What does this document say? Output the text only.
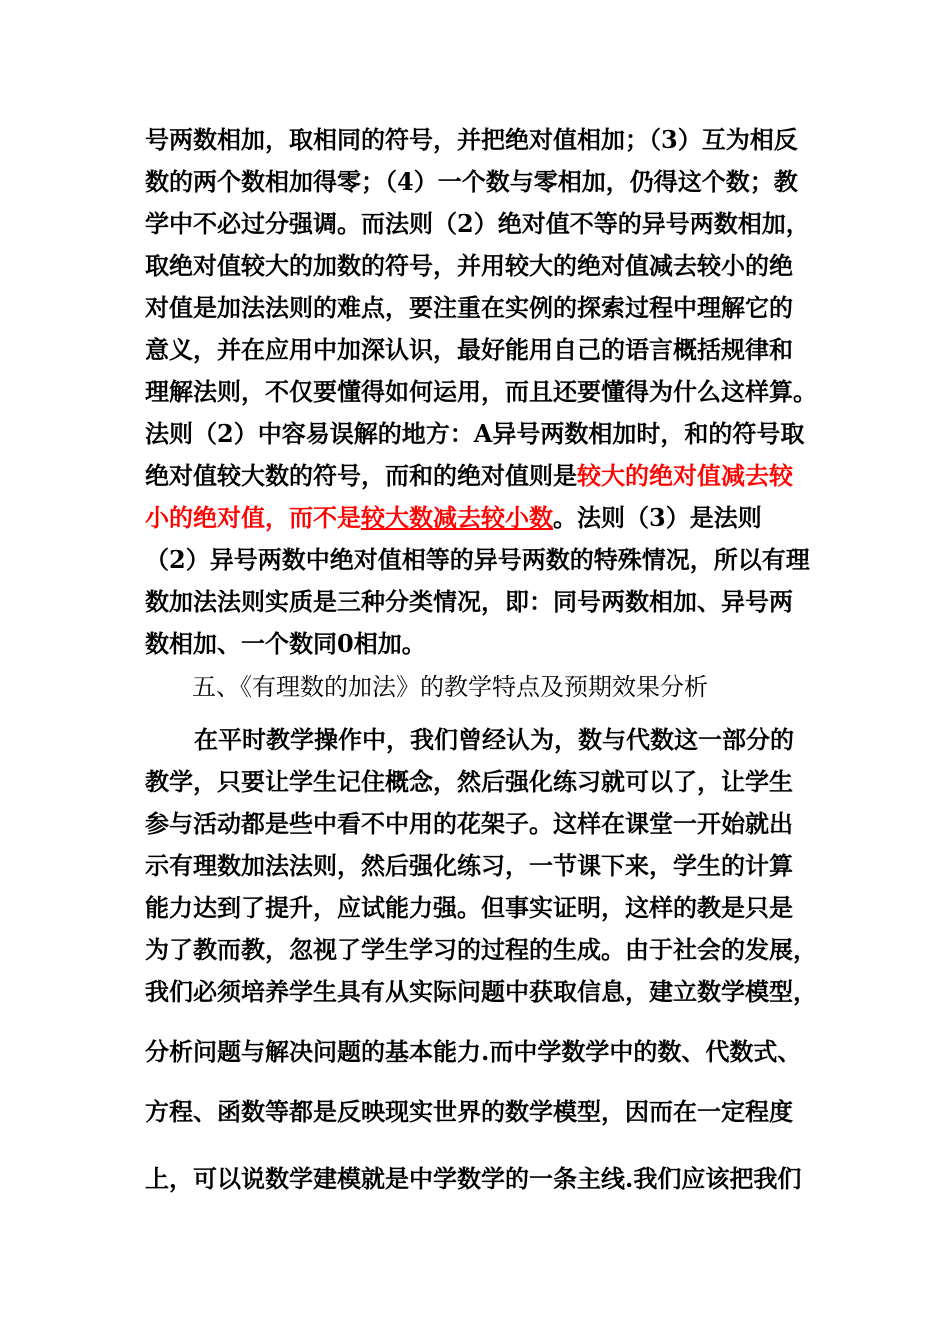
号两数相加，取相同的符号，并把绝对值相加；（3）互为相反
数的两个数相加得零；（4）一个数与零相加，仍得这个数；教
学中不必过分强调。而法则（2）绝对值不等的异号两数相加，
取绝对值较大的加数的符号，并用较大的绝对值减去较小的绝
对值是加法法则的难点，要注重在实例的探索过程中理解它的
意义，并在应用中加深认识，最好能用自己的语言概括规律和
理解法则，不仅要懂得如何运用，而且还要懂得为什么这样算。
法则（2）中容易误解的地方：A异号两数相加时，和的符号取
绝对值较大数的符号，而和的绝对值则是较大的绝对值减去较
小的绝对值，而不是较大数减去较小数。法则（3）是法则
（2）异号两数中绝对值相等的异号两数的特殊情况，所以有理
数加法法则实质是三种分类情况，即：同号两数相加、异号两
数相加、一个数同0相加。
五、《有理数的加法》的教学特点及预期效果分析
在平时教学操作中，我们曾经认为，数与代数这一部分的
教学，只要让学生记住概念，然后强化练习就可以了，让学生
参与活动都是些中看不中用的花架子。这样在课堂一开始就出
示有理数加法法则，然后强化练习，一节课下来，学生的计算
能力达到了提升，应试能力强。但事实证明，这样的教是只是
为了教而教，忽视了学生学习的过程的生成。由于社会的发展，
我们必须培养学生具有从实际问题中获取信息，建立数学模型，
分析问题与解决问题的基本能力.而中学数学中的数、代数式、
方程、函数等都是反映现实世界的数学模型，因而在一定程度
上，可以说数学建模就是中学数学的一条主线.我们应该把我们
